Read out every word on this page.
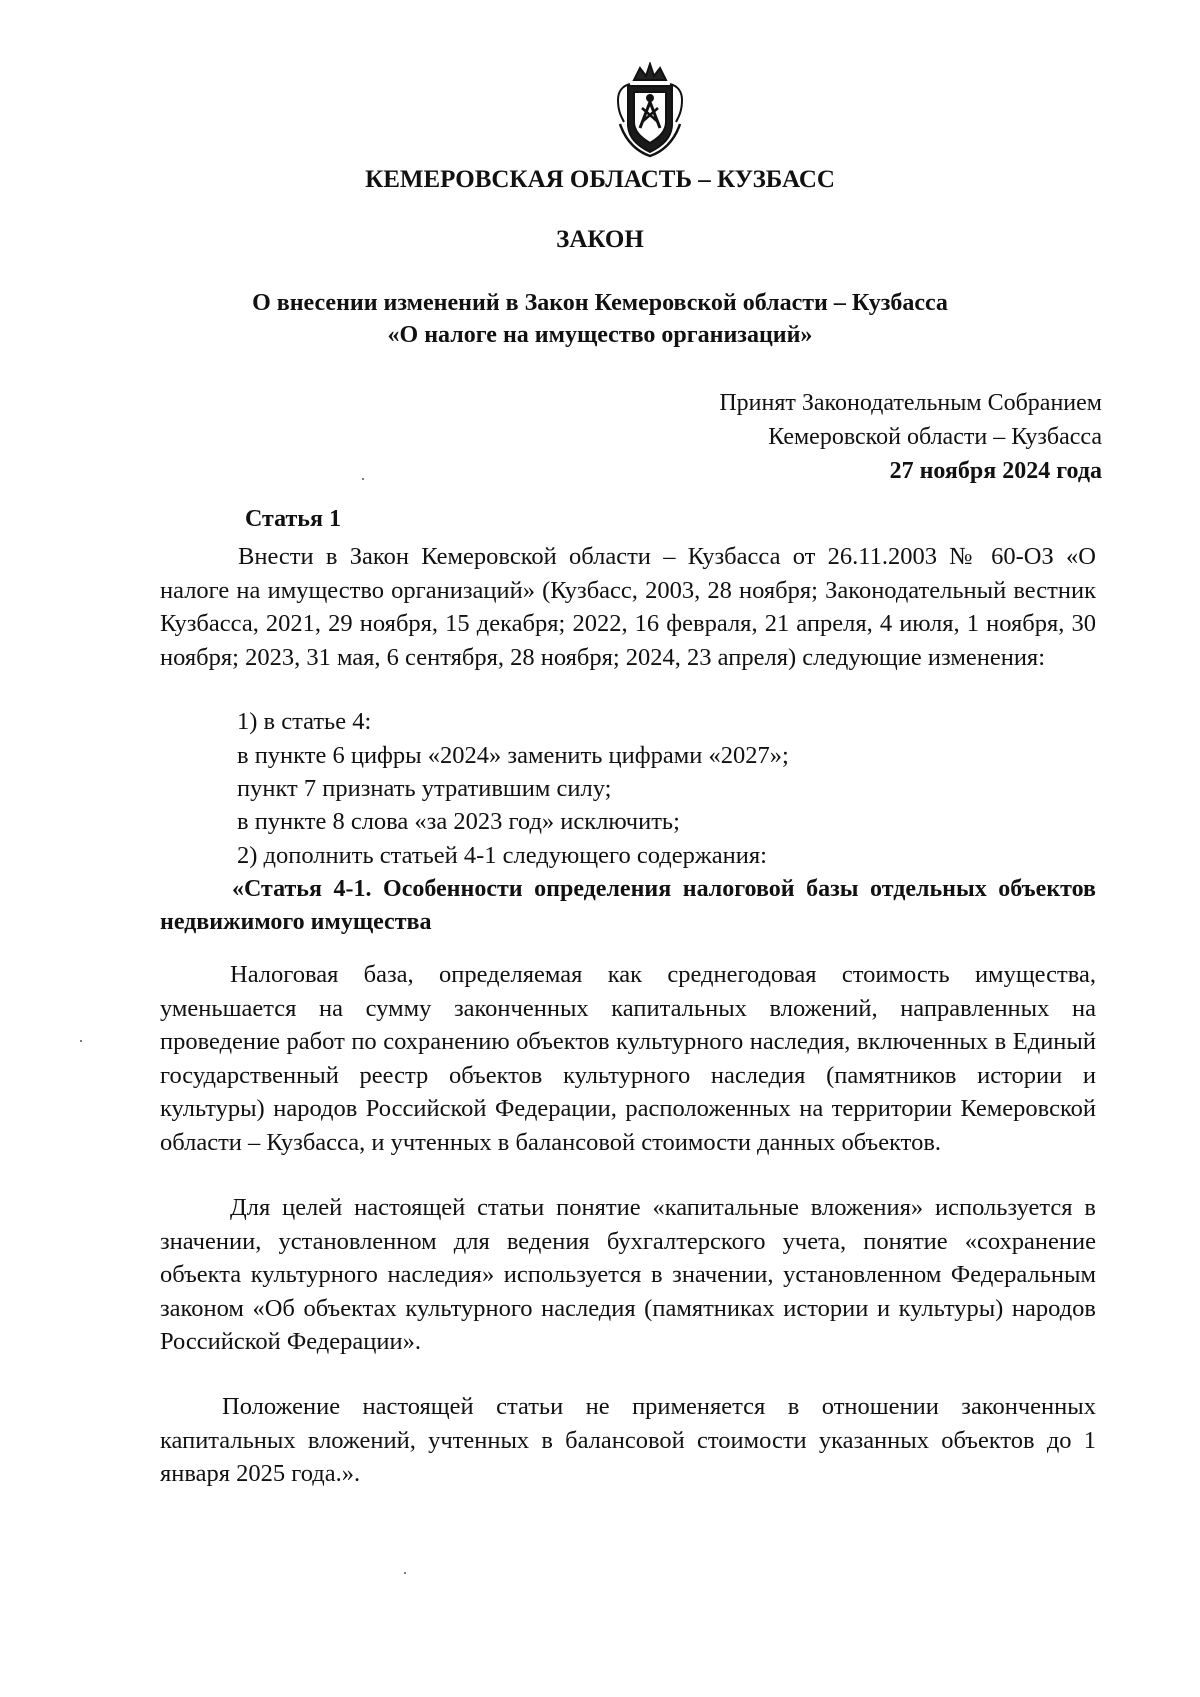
КЕМЕРОВСКАЯ ОБЛАСТЬ – КУЗБАСС
ЗАКОН
О внесении изменений в Закон Кемеровской области – Кузбасса
«О налоге на имущество организаций»
Принят Законодательным Собранием
Кемеровской области – Кузбасса
27 ноября 2024 года
Статья 1
Внести в Закон Кемеровской области – Кузбасса от 26.11.2003 № 60-ОЗ «О налоге на имущество организаций» (Кузбасс, 2003, 28 ноября; Законодательный вестник Кузбасса, 2021, 29 ноября, 15 декабря; 2022, 16 февраля, 21 апреля, 4 июля, 1 ноября, 30 ноября; 2023, 31 мая, 6 сентября, 28 ноября; 2024, 23 апреля) следующие изменения:
1) в статье 4:
в пункте 6 цифры «2024» заменить цифрами «2027»;
пункт 7 признать утратившим силу;
в пункте 8 слова «за 2023 год» исключить;
2) дополнить статьей 4-1 следующего содержания:
«Статья 4-1. Особенности определения налоговой базы отдельных объектов недвижимого имущества
Налоговая база, определяемая как среднегодовая стоимость имущества, уменьшается на сумму законченных капитальных вложений, направленных на проведение работ по сохранению объектов культурного наследия, включенных в Единый государственный реестр объектов культурного наследия (памятников истории и культуры) народов Российской Федерации, расположенных на территории Кемеровской области – Кузбасса, и учтенных в балансовой стоимости данных объектов.
Для целей настоящей статьи понятие «капитальные вложения» используется в значении, установленном для ведения бухгалтерского учета, понятие «сохранение объекта культурного наследия» используется в значении, установленном Федеральным законом «Об объектах культурного наследия (памятниках истории и культуры) народов Российской Федерации».
Положение настоящей статьи не применяется в отношении законченных капитальных вложений, учтенных в балансовой стоимости указанных объектов до 1 января 2025 года.».
